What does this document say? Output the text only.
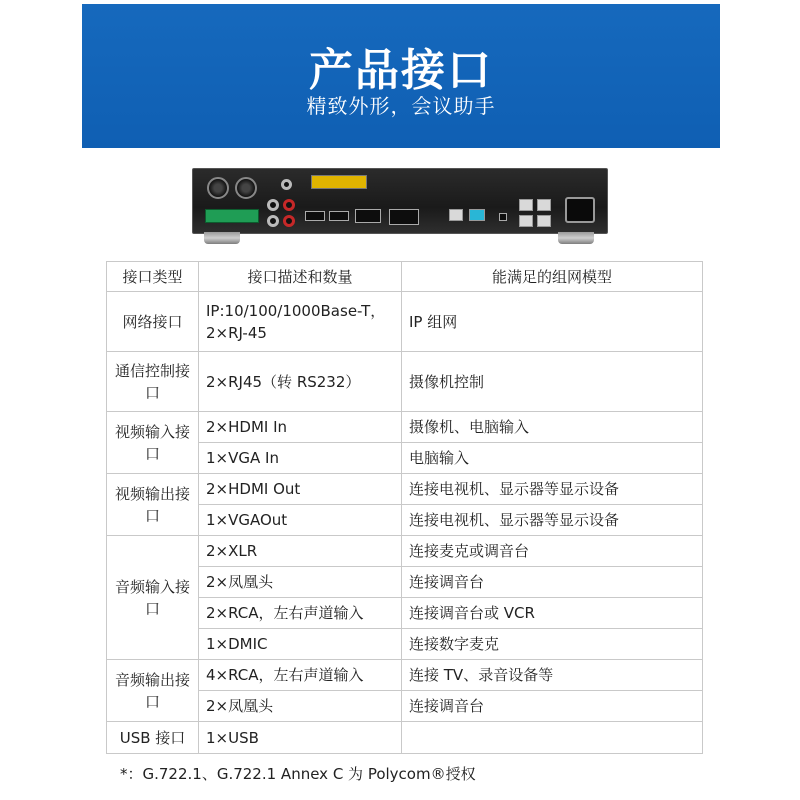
产品接口
精致外形，会议助手
接口类型	接口描述和数量	能满足的组网模型
网络接口	IP:10/100/1000Base-T，2×RJ-45	IP 组网
通信控制接口	2×RJ45（转 RS232）	摄像机控制
视频输入接口	2×HDMI In	摄像机、电脑输入
	1×VGA In	电脑输入
视频输出接口	2×HDMI Out	连接电视机、显示器等显示设备
	1×VGAOut	连接电视机、显示器等显示设备
音频输入接口	2×XLR	连接麦克或调音台
	2×凤凰头	连接调音台
	2×RCA，左右声道输入	连接调音台或 VCR
	1×DMIC	连接数字麦克
音频输出接口	4×RCA，左右声道输入	连接 TV、录音设备等
	2×凤凰头	连接调音台
USB 接口	1×USB	
*：G.722.1、G.722.1 Annex C 为 Polycom®授权
